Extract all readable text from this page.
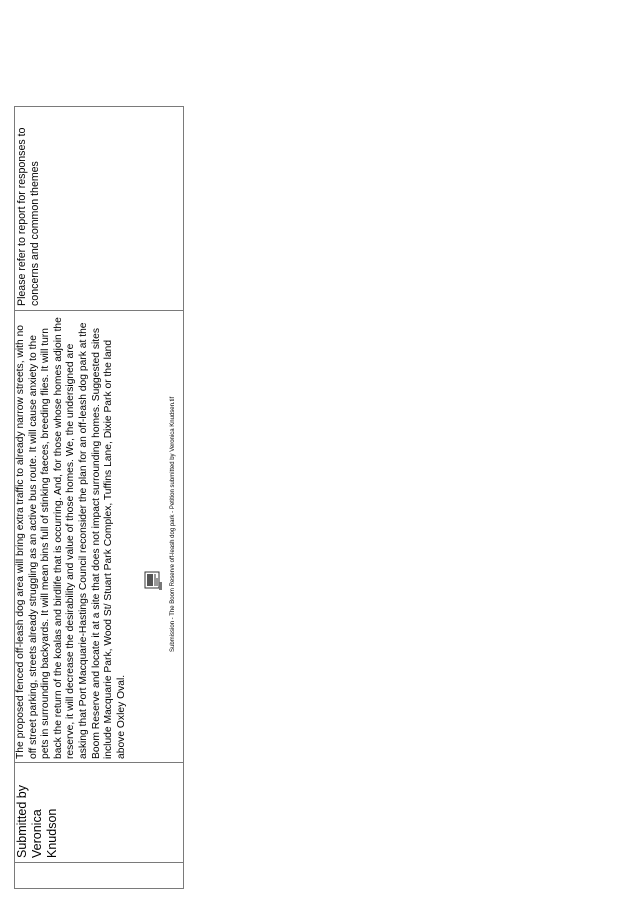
Submitted by Veronica Knudson

The proposed fenced off-leash dog area will bring extra traffic to already narrow streets, with no off street parking, streets already struggling as an active bus route. It will cause anxiety to the pets in surrounding backyards. It will mean bins full of stinking faeces, breeding flies. It will turn back the return of the koalas and birdlife that is occurring. And, for those whose homes adjoin the reserve, it will decrease the desirability and value of those homes. We, the undersigned are asking that Port Macquarie-Hastings Council reconsider the plan for an off-leash dog park at the Boom Reserve and locate it at a site that does not impact surrounding homes. Suggested sites include Macquarie Park, Wood St/ Stuart Park Complex, Tuffins Lane, Dixie Park or the land above Oxley Oval.

Submission - The Boom Reserve off-leash dog park - Petition submitted by Veronica Knudsen.tif
Please refer to report for responses to concerns and common themes
